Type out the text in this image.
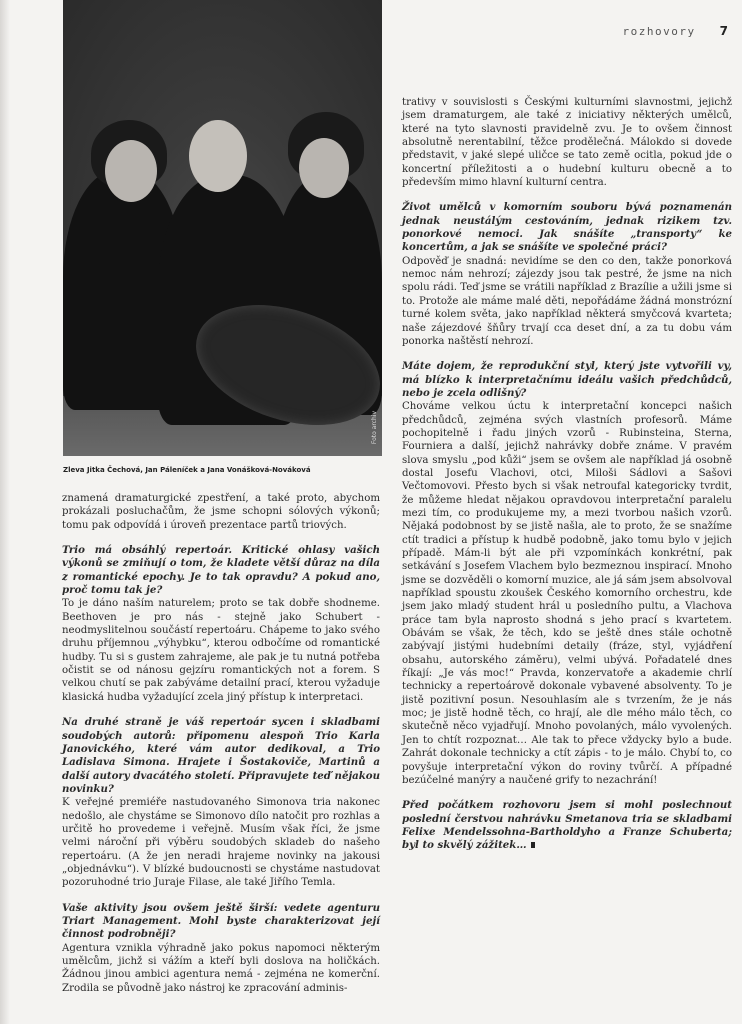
rozhovory 7
Foto archiv
Zleva Jitka Čechová, Jan Páleníček a Jana Vonášková-Nováková

znamená dramaturgické zpestření, a také proto, abychom prokázali posluchačům, že jsme schopni sólových výkonů; tomu pak odpovídá i úroveň prezentace partů triových.

Trio má obsáhlý repertoár. Kritické ohlasy vašich výkonů se zmiňují o tom, že kladete větší důraz na díla z romantické epochy. Je to tak opravdu? A pokud ano, proč tomu tak je?

To je dáno naším naturelem; proto se tak dobře shodneme. Beethoven je pro nás - stejně jako Schubert - neodmyslitelnou součástí repertoáru. Chápeme to jako svého druhu příjemnou „výhybku“, kterou odbočíme od romantické hudby. Tu si s gustem zahrajeme, ale pak je tu nutná potřeba očistit se od nánosu gejzíru romantických not a forem. S velkou chutí se pak zabýváme detailní prací, kterou vyžaduje klasická hudba vyžadující zcela jiný přístup k interpretaci.

Na druhé straně je váš repertoár sycen i skladbami soudobých autorů: připomenu alespoň Trio Karla Janovického, které vám autor dedikoval, a Trio Ladislava Simona. Hrajete i Šostakoviče, Martinů a další autory dvacátého století. Připravujete teď nějakou novinku?

K veřejné premiéře nastudovaného Simonova tria nakonec nedošlo, ale chystáme se Simonovo dílo natočit pro rozhlas a určitě ho provedeme i veřejně. Musím však říci, že jsme velmi nároční při výběru soudobých skladeb do našeho repertoáru. (A že jen neradi hrajeme novinky na jakousi „objednávku“). V blízké budoucnosti se chystáme nastudovat pozoruhodné trio Juraje Filase, ale také Jiřího Temla.

Vaše aktivity jsou ovšem ještě širší: vedete agenturu Triart Management. Mohl byste charakterizovat její činnost podrobněji?

Agentura vznikla výhradně jako pokus napomoci některým umělcům, jichž si vážím a kteří byli doslova na holičkách. Žádnou jinou ambici agentura nemá - zejména ne komerční. Zrodila se původně jako nástroj ke zpracování adminis-

trativy v souvislosti s Českými kulturními slavnostmi, jejichž jsem dramaturgem, ale také z iniciativy některých umělců, které na tyto slavnosti pravidelně zvu. Je to ovšem činnost absolutně nerentabilní, těžce prodělečná. Málokdo si dovede představit, v jaké slepé uličce se tato země ocitla, pokud jde o koncertní příležitosti a o hudební kulturu obecně a to především mimo hlavní kulturní centra.

Život umělců v komorním souboru bývá poznamenán jednak neustálým cestováním, jednak rizikem tzv. ponorkové nemoci. Jak snášíte „transporty“ ke koncertům, a jak se snášíte ve společné práci?

Odpověď je snadná: nevidíme se den co den, takže ponorková nemoc nám nehrozí; zájezdy jsou tak pestré, že jsme na nich spolu rádi. Teď jsme se vrátili například z Brazílie a užili jsme si to. Protože ale máme malé děti, nepořádáme žádná monstrózní turné kolem světa, jako například některá smyčcová kvarteta; naše zájezdové šňůry trvají cca deset dní, a za tu dobu vám ponorka naštěstí nehrozí.

Máte dojem, že reprodukční styl, který jste vytvořili vy, má blízko k interpretačnímu ideálu vašich předchůdců, nebo je zcela odlišný?

Chováme velkou úctu k interpretační koncepci našich předchůdců, zejména svých vlastních profesorů. Máme pochopitelně i řadu jiných vzorů - Rubinsteina, Sterna, Fourniera a další, jejichž nahrávky dobře známe. V pravém slova smyslu „pod kůži“ jsem se ovšem ale například já osobně dostal Josefu Vlachovi, otci, Miloši Sádlovi a Sašovi Večtomovovi. Přesto bych si však netroufal kategoricky tvrdit, že můžeme hledat nějakou opravdovou interpretační paralelu mezi tím, co produkujeme my, a mezi tvorbou našich vzorů. Nějaká podobnost by se jistě našla, ale to proto, že se snažíme ctít tradici a přístup k hudbě podobně, jako tomu bylo v jejich případě. Mám-li být ale při vzpomínkách konkrétní, pak setkávání s Josefem Vlachem bylo bezmeznou inspirací. Mnoho jsme se dozvěděli o komorní muzice, ale já sám jsem absolvoval například spoustu zkoušek Českého komorního orchestru, kde jsem jako mladý student hrál u posledního pultu, a Vlachova práce tam byla naprosto shodná s jeho prací s kvartetem. Obávám se však, že těch, kdo se ještě dnes stále ochotně zabývají jistými hudebními detaily (fráze, styl, vyjádření obsahu, autorského záměru), velmi ubývá. Pořadatelé dnes říkají: „Je vás moc!“ Pravda, konzervatoře a akademie chrlí technicky a repertoárově dokonale vybavené absolventy. To je jistě pozitivní posun. Nesouhlasím ale s tvrzením, že je nás moc; je jistě hodně těch, co hrají, ale dle mého málo těch, co skutečně něco vyjadřují. Mnoho povolaných, málo vyvolených. Jen to chtít rozpoznat… Ale tak to přece vždycky bylo a bude. Zahrát dokonale technicky a ctít zápis - to je málo. Chybí to, co povyšuje interpretační výkon do roviny tvůrčí. A případné bezúčelné manýry a naučené grify to nezachrání!

Před počátkem rozhovoru jsem si mohl poslechnout poslední čerstvou nahrávku Smetanova tria se skladbami Felixe Mendelssohna-Bartholdyho a Franze Schuberta; byl to skvělý zážitek…
